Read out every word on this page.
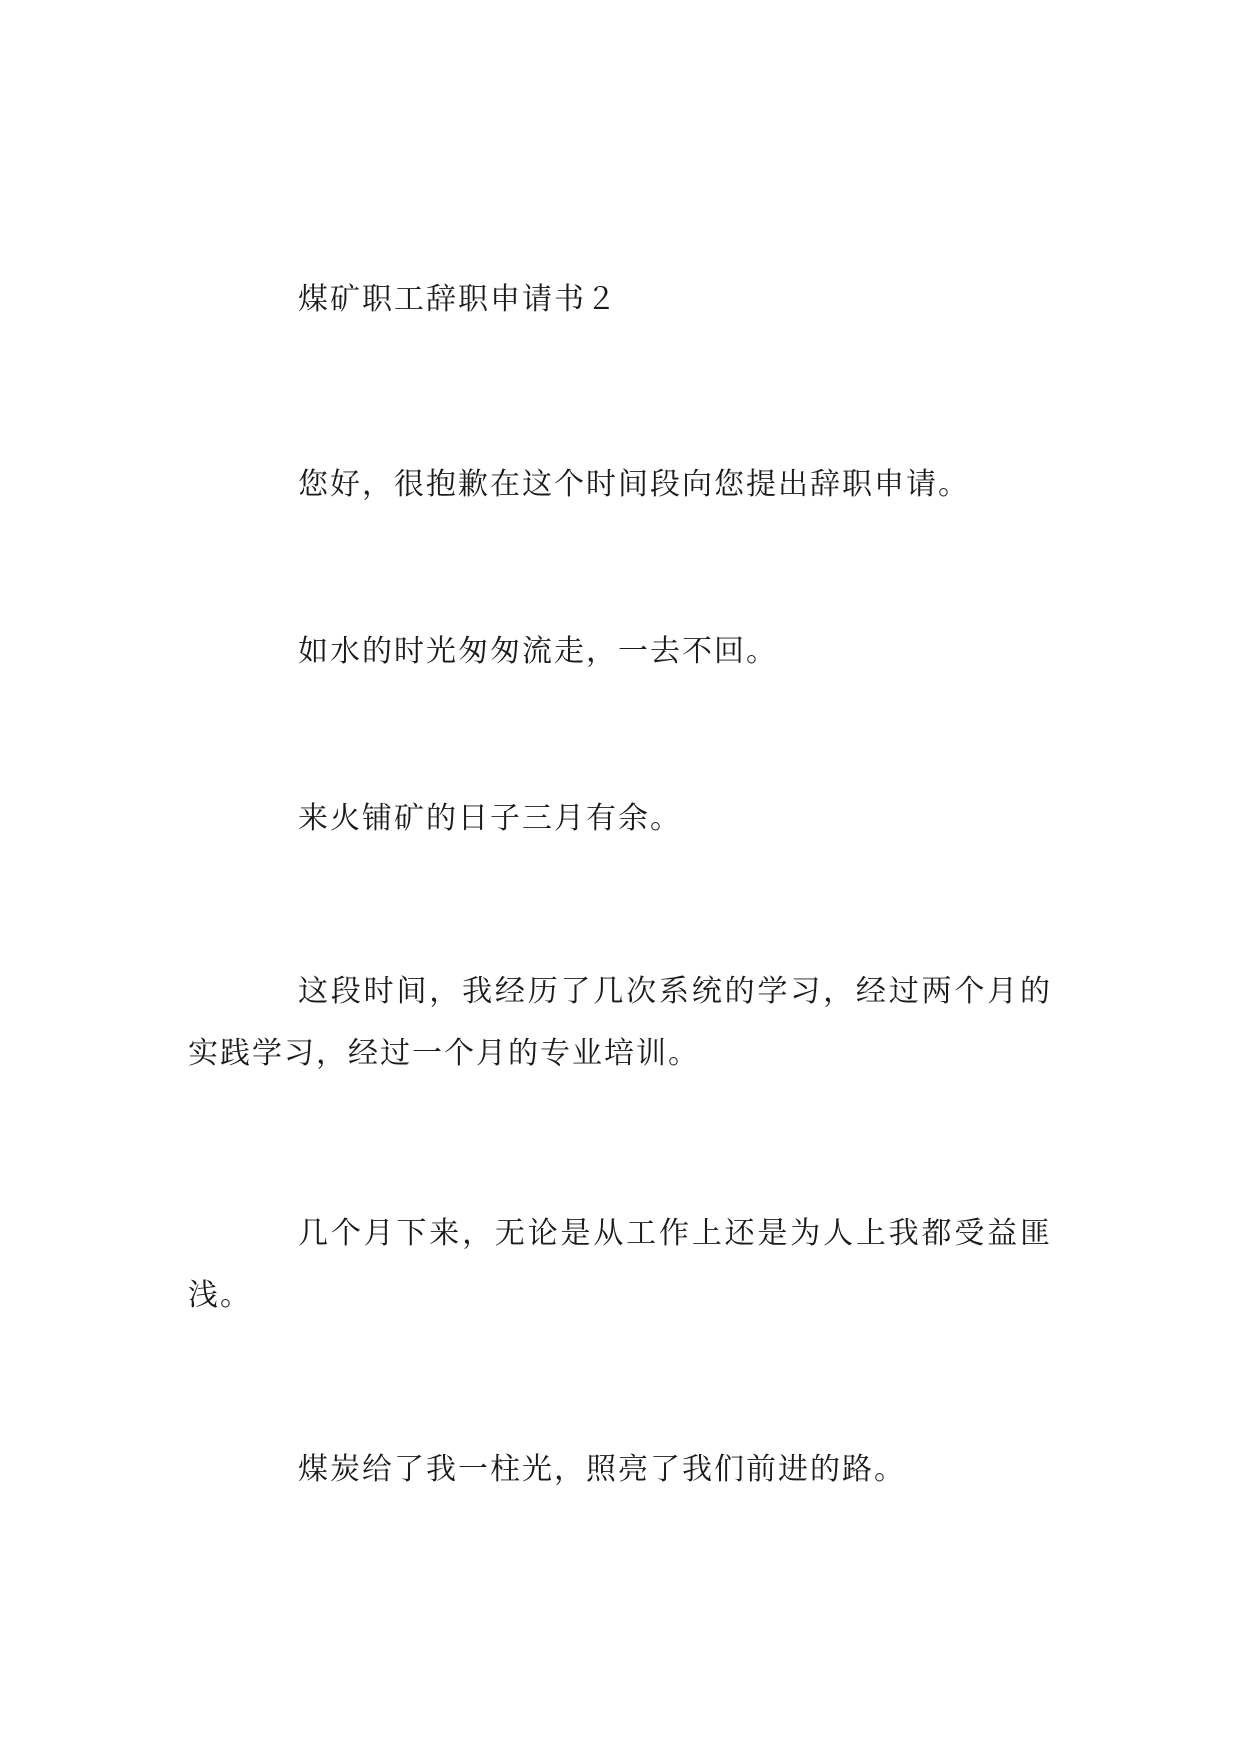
煤矿职工辞职申请书２

您好，很抱歉在这个时间段向您提出辞职申请。

如水的时光匆匆流走，一去不回。

来火铺矿的日子三月有余。

这段时间，我经历了几次系统的学习，经过两个月的实践学习，经过一个月的专业培训。

几个月下来，无论是从工作上还是为人上我都受益匪浅。

煤炭给了我一柱光，照亮了我们前进的路。
